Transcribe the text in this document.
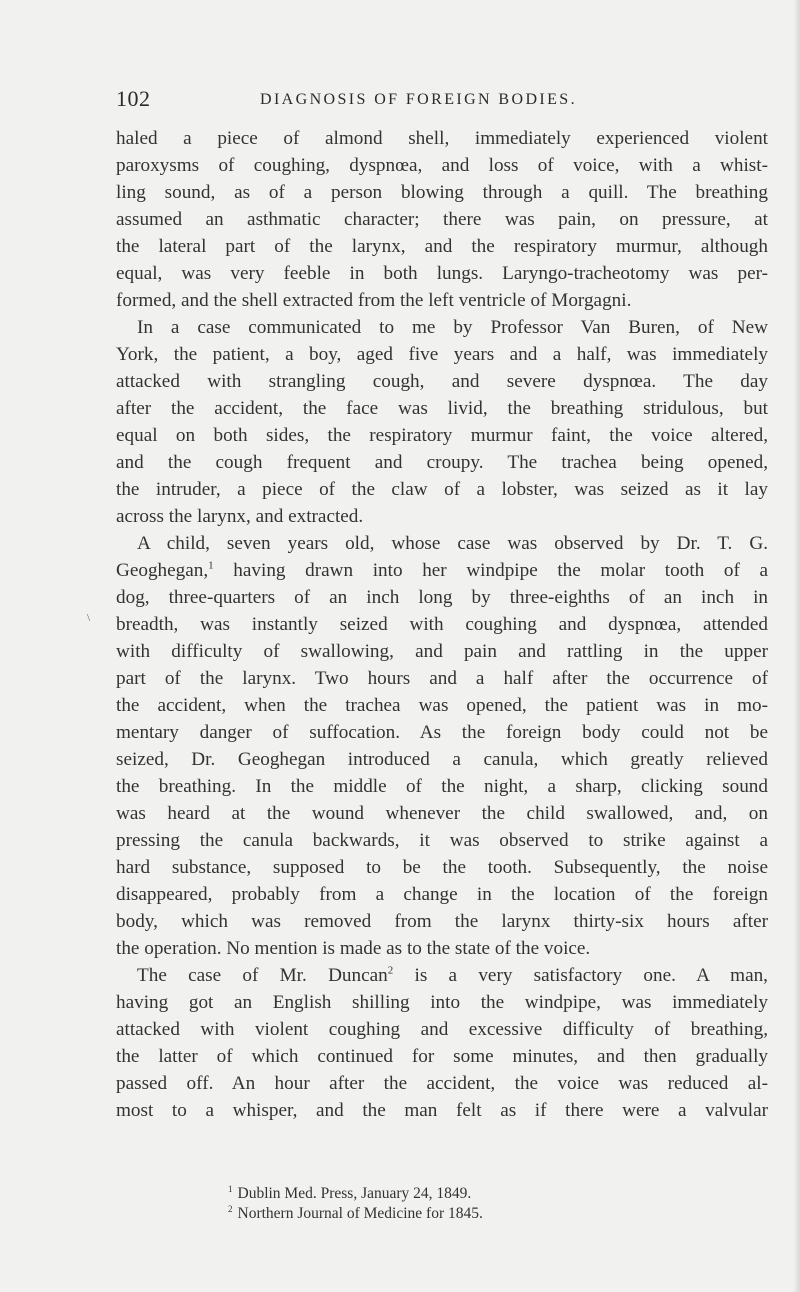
102	DIAGNOSIS OF FOREIGN BODIES.
\
haled a piece of almond shell, immediately experienced violent
paroxysms of coughing, dyspnœa, and loss of voice, with a whist-
ling sound, as of a person blowing through a quill. The breathing
assumed an asthmatic character; there was pain, on pressure, at
the lateral part of the larynx, and the respiratory murmur, although
equal, was very feeble in both lungs. Laryngo-tracheotomy was per-
formed, and the shell extracted from the left ventricle of Morgagni.
In a case communicated to me by Professor Van Buren, of New
York, the patient, a boy, aged five years and a half, was immediately
attacked with strangling cough, and severe dyspnœa. The day
after the accident, the face was livid, the breathing stridulous, but
equal on both sides, the respiratory murmur faint, the voice altered,
and the cough frequent and croupy. The trachea being opened,
the intruder, a piece of the claw of a lobster, was seized as it lay
across the larynx, and extracted.
A child, seven years old, whose case was observed by Dr. T. G.
Geoghegan,$^1$ having drawn into her windpipe the molar tooth of a
dog, three-quarters of an inch long by three-eighths of an inch in
breadth, was instantly seized with coughing and dyspnœa, attended
with difficulty of swallowing, and pain and rattling in the upper
part of the larynx. Two hours and a half after the occurrence of
the accident, when the trachea was opened, the patient was in mo-
mentary danger of suffocation. As the foreign body could not be
seized, Dr. Geoghegan introduced a canula, which greatly relieved
the breathing. In the middle of the night, a sharp, clicking sound
was heard at the wound whenever the child swallowed, and, on
pressing the canula backwards, it was observed to strike against a
hard substance, supposed to be the tooth. Subsequently, the noise
disappeared, probably from a change in the location of the foreign
body, which was removed from the larynx thirty-six hours after
the operation. No mention is made as to the state of the voice.
The case of Mr. Duncan$^2$ is a very satisfactory one. A man,
having got an English shilling into the windpipe, was immediately
attacked with violent coughing and excessive difficulty of breathing,
the latter of which continued for some minutes, and then gradually
passed off. An hour after the accident, the voice was reduced al-
most to a whisper, and the man felt as if there were a valvular
$^1$ Dublin Med. Press, January 24, 1849.
$^2$ Northern Journal of Medicine for 1845.
